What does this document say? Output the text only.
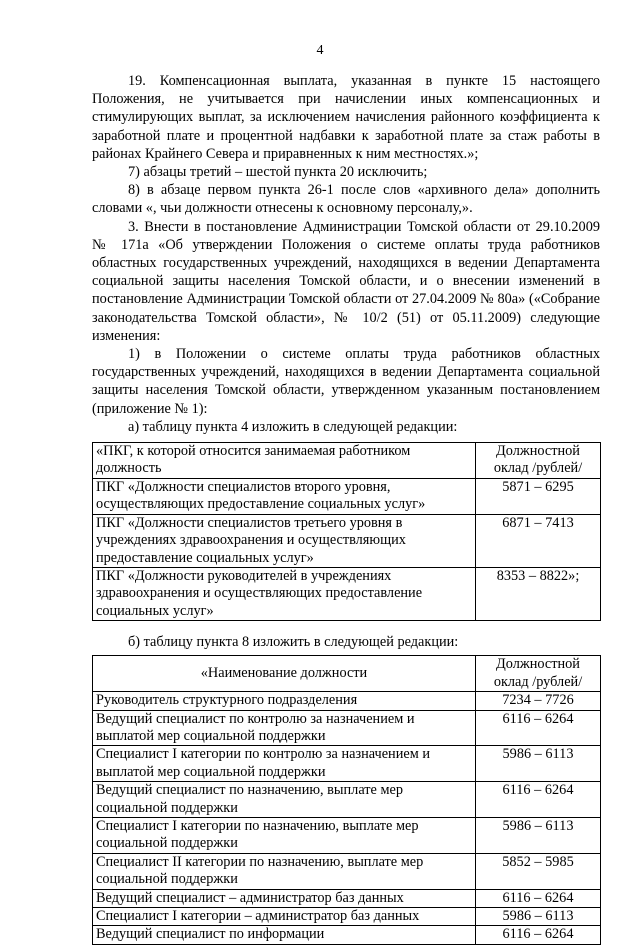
4

19. Компенсационная выплата, указанная в пункте 15 настоящего Положения, не учитывается при начислении иных компенсационных и стимулирующих выплат, за исключением начисления районного коэффициента к заработной плате и процентной надбавки к заработной плате за стаж работы в районах Крайнего Севера и приравненных к ним местностях.»;

7) абзацы третий – шестой пункта 20 исключить;

8) в абзаце первом пункта 26-1 после слов «архивного дела» дополнить словами «, чьи должности отнесены к основному персоналу,».

3. Внести в постановление Администрации Томской области от 29.10.2009 № 171а «Об утверждении Положения о системе оплаты труда работников областных государственных учреждений, находящихся в ведении Департамента социальной защиты населения Томской области, и о внесении изменений в постановление Администрации Томской области от 27.04.2009 № 80а» («Собрание законодательства Томской области», № 10/2 (51) от 05.11.2009) следующие изменения:

1) в Положении о системе оплаты труда работников областных государственных учреждений, находящихся в ведении Департамента социальной защиты населения Томской области, утвержденном указанным постановлением (приложение № 1):

а) таблицу пункта 4 изложить в следующей редакции:

«ПКГ, к которой относится занимаемая работником должность	Должностной оклад /рублей/
ПКГ «Должности специалистов второго уровня, осуществляющих предоставление социальных услуг»	5871 – 6295
ПКГ «Должности специалистов третьего уровня в учреждениях здравоохранения и осуществляющих предоставление социальных услуг»	6871 – 7413
ПКГ «Должности руководителей в учреждениях здравоохранения и осуществляющих предоставление социальных услуг»	8353 – 8822»;

б) таблицу пункта 8 изложить в следующей редакции:

«Наименование должности	Должностной оклад /рублей/
Руководитель структурного подразделения	7234 – 7726
Ведущий специалист по контролю за назначением и выплатой мер социальной поддержки	6116 – 6264
Специалист I категории по контролю за назначением и выплатой мер социальной поддержки	5986 – 6113
Ведущий специалист по назначению, выплате мер социальной поддержки	6116 – 6264
Специалист I категории по назначению, выплате мер социальной поддержки	5986 – 6113
Специалист II категории по назначению, выплате мер социальной поддержки	5852 – 5985
Ведущий специалист – администратор баз данных	6116 – 6264
Специалист I категории – администратор баз данных	5986 – 6113
Ведущий специалист по информации	6116 – 6264
